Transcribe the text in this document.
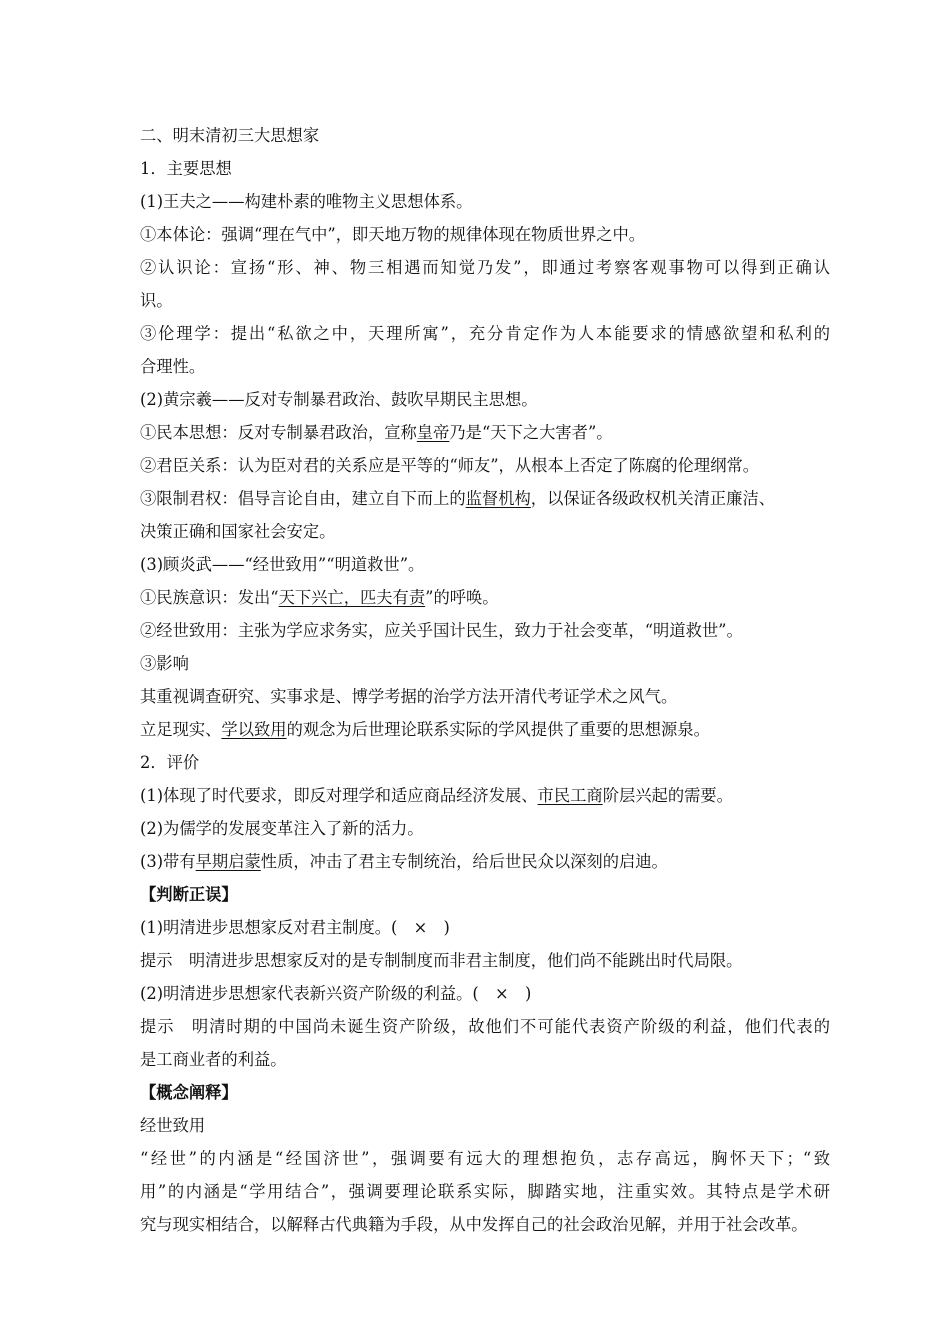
二、明末清初三大思想家
1．主要思想
(1)王夫之——构建朴素的唯物主义思想体系。
①本体论：强调“理在气中”，即天地万物的规律体现在物质世界之中。
②认识论：宣扬“形、神、物三相遇而知觉乃发”，即通过考察客观事物可以得到正确认
识。
③伦理学：提出“私欲之中，天理所寓”，充分肯定作为人本能要求的情感欲望和私利的
合理性。
(2)黄宗羲——反对专制暴君政治、鼓吹早期民主思想。
①民本思想：反对专制暴君政治，宣称皇帝乃是“天下之大害者”。
②君臣关系：认为臣对君的关系应是平等的“师友”，从根本上否定了陈腐的伦理纲常。
③限制君权：倡导言论自由，建立自下而上的监督机构，以保证各级政权机关清正廉洁、
决策正确和国家社会安定。
(3)顾炎武——“经世致用”“明道救世”。
①民族意识：发出“天下兴亡，匹夫有责”的呼唤。
②经世致用：主张为学应求务实，应关乎国计民生，致力于社会变革，“明道救世”。
③影响
其重视调查研究、实事求是、博学考据的治学方法开清代考证学术之风气。
立足现实、学以致用的观念为后世理论联系实际的学风提供了重要的思想源泉。
2．评价
(1)体现了时代要求，即反对理学和适应商品经济发展、市民工商阶层兴起的需要。
(2)为儒学的发展变革注入了新的活力。
(3)带有早期启蒙性质，冲击了君主专制统治，给后世民众以深刻的启迪。
【判断正误】
(1)明清进步思想家反对君主制度。(　×　)
提示　明清进步思想家反对的是专制制度而非君主制度，他们尚不能跳出时代局限。
(2)明清进步思想家代表新兴资产阶级的利益。(　×　)
提示　明清时期的中国尚未诞生资产阶级，故他们不可能代表资产阶级的利益，他们代表的
是工商业者的利益。
【概念阐释】
经世致用
“经世”的内涵是“经国济世”，强调要有远大的理想抱负，志存高远，胸怀天下；“致
用”的内涵是“学用结合”，强调要理论联系实际，脚踏实地，注重实效。其特点是学术研
究与现实相结合，以解释古代典籍为手段，从中发挥自己的社会政治见解，并用于社会改革。
